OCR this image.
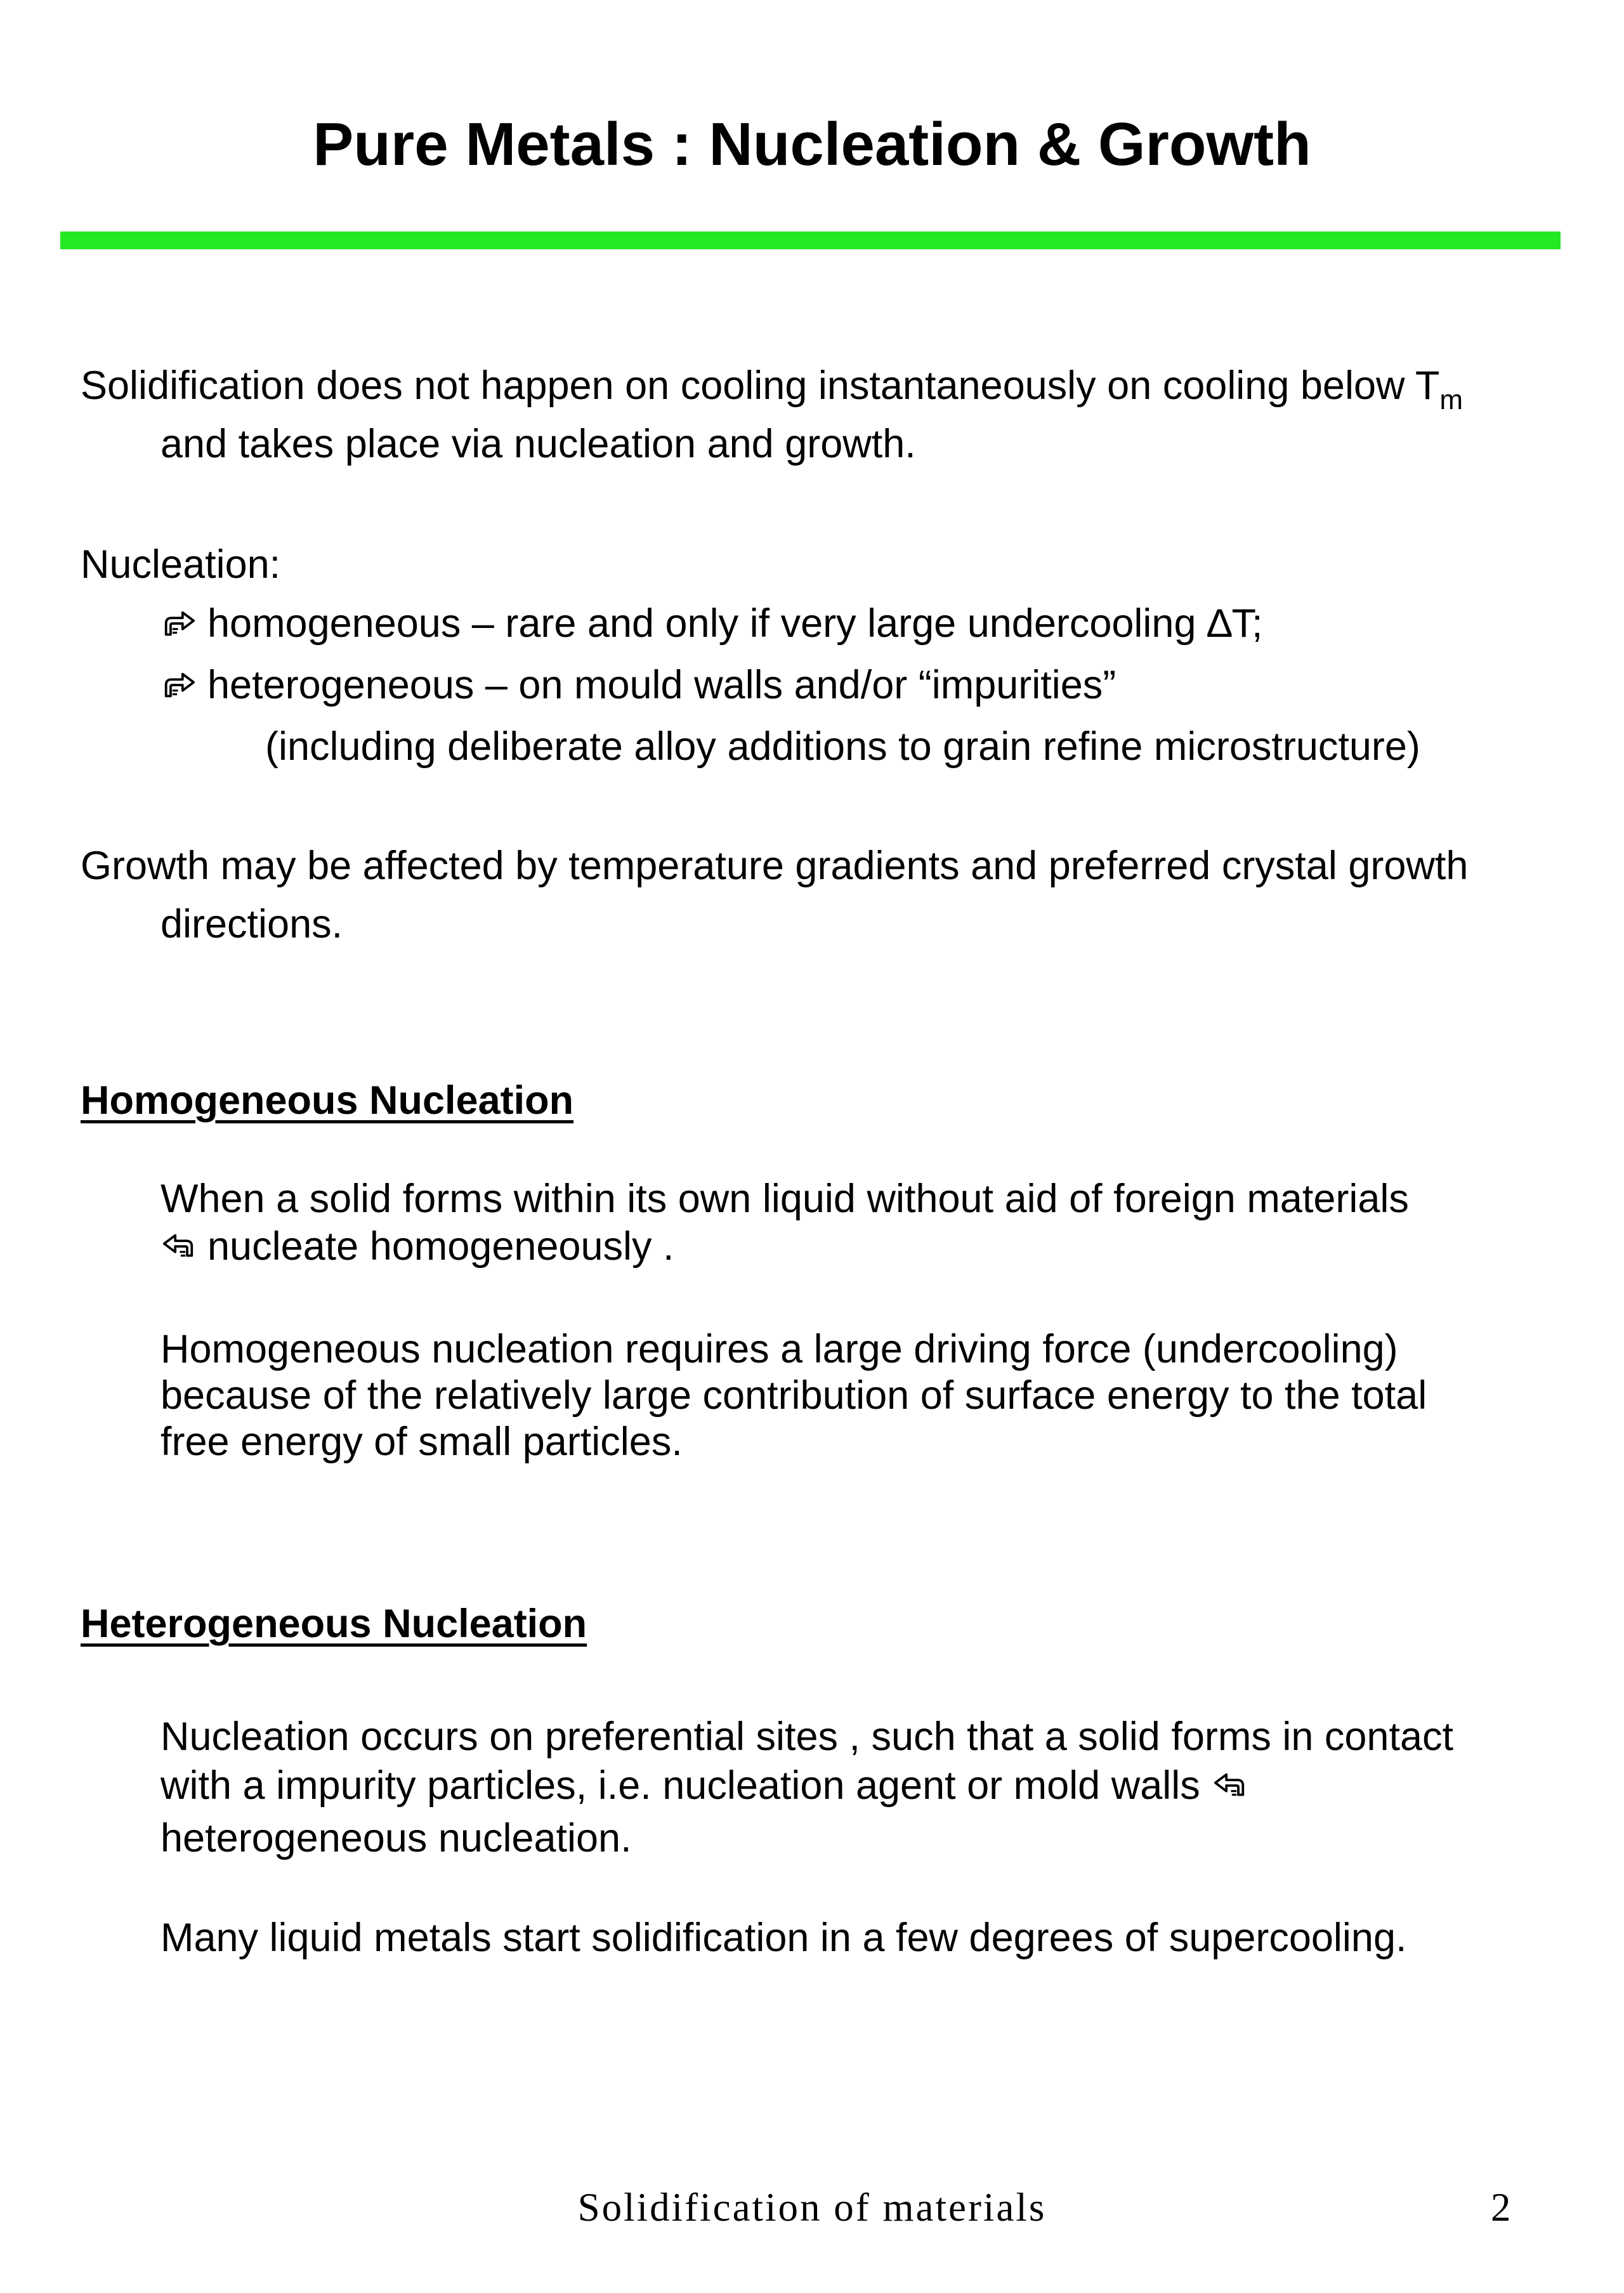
Pure Metals : Nucleation & Growth
Solidification does not happen on cooling instantaneously on cooling below $T_m$
and takes place via nucleation and growth.
Nucleation:
homogeneous – rare and only if very large undercooling ∆T;
heterogeneous – on mould walls and/or “impurities”
(including deliberate alloy additions to grain refine microstructure)
Growth may be affected by temperature gradients and preferred crystal growth
directions.
Homogeneous Nucleation
When a solid forms within its own liquid without aid of foreign materials
nucleate homogeneously .
Homogeneous nucleation requires a large driving force (undercooling)
because of the relatively large contribution of surface energy to the total
free energy of small particles.
Heterogeneous Nucleation
Nucleation occurs on preferential sites , such that a solid forms in contact
with a impurity particles, i.e. nucleation agent or mold walls
heterogeneous nucleation.
Many liquid metals start solidification in a few degrees of supercooling.
Solidification of materials	2
